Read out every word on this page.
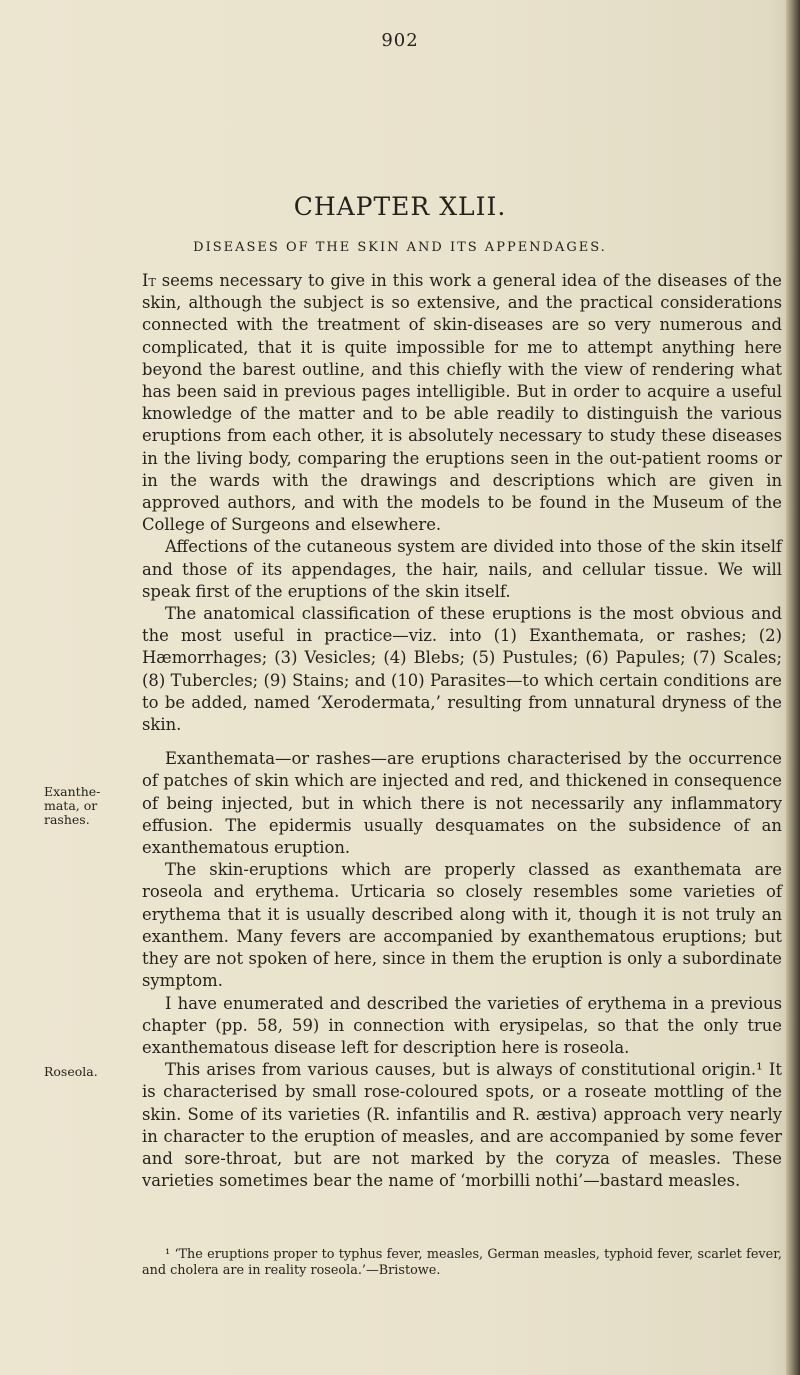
902
CHAPTER XLII.
DISEASES OF THE SKIN AND ITS APPENDAGES.

It seems necessary to give in this work a general idea of the diseases of the skin, although the subject is so extensive, and the practical considerations connected with the treatment of skin-diseases are so very numerous and complicated, that it is quite impossible for me to attempt anything here beyond the barest outline, and this chiefly with the view of rendering what has been said in previous pages intelligible. But in order to acquire a useful knowledge of the matter and to be able readily to distinguish the various eruptions from each other, it is absolutely necessary to study these diseases in the living body, comparing the eruptions seen in the out-patient rooms or in the wards with the drawings and descriptions which are given in approved authors, and with the models to be found in the Museum of the College of Surgeons and elsewhere.

Affections of the cutaneous system are divided into those of the skin itself and those of its appendages, the hair, nails, and cellular tissue. We will speak first of the eruptions of the skin itself.

The anatomical classification of these eruptions is the most obvious and the most useful in practice—viz. into (1) Exanthemata, or rashes; (2) Hæmorrhages; (3) Vesicles; (4) Blebs; (5) Pustules; (6) Papules; (7) Scales; (8) Tubercles; (9) Stains; and (10) Parasites—to which certain conditions are to be added, named ‘Xerodermata,’ resulting from unnatural dryness of the skin.

Exanthemata—or rashes—are eruptions characterised by the occurrence of patches of skin which are injected and red, and thickened in consequence of being injected, but in which there is not necessarily any inflammatory effusion. The epidermis usually desquamates on the subsidence of an exanthematous eruption.

The skin-eruptions which are properly classed as exanthemata are roseola and erythema. Urticaria so closely resembles some varieties of erythema that it is usually described along with it, though it is not truly an exanthem. Many fevers are accompanied by exanthematous eruptions; but they are not spoken of here, since in them the eruption is only a subordinate symptom.

I have enumerated and described the varieties of erythema in a previous chapter (pp. 58, 59) in connection with erysipelas, so that the only true exanthematous disease left for description here is roseola.

This arises from various causes, but is always of constitutional origin.¹ It is characterised by small rose-coloured spots, or a roseate mottling of the skin. Some of its varieties (R. infantilis and R. æstiva) approach very nearly in character to the eruption of measles, and are accompanied by some fever and sore-throat, but are not marked by the coryza of measles. These varieties sometimes bear the name of ‘morbilli nothi’—bastard measles.

Exanthe-mata, or rashes.
Roseola.
¹ ‘The eruptions proper to typhus fever, measles, German measles, typhoid fever, scarlet fever, and cholera are in reality roseola.’—Bristowe.
